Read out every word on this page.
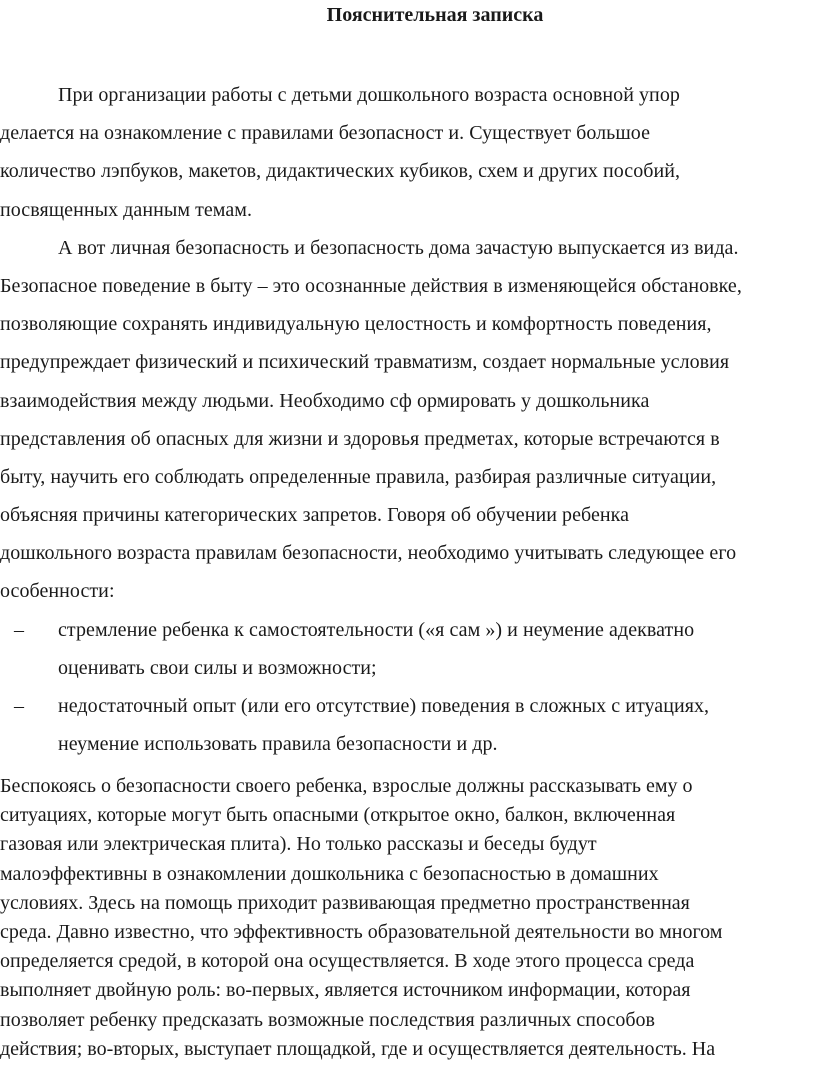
Пояснительная записка
При организации работы с детьми дошкольного возраста основной упор
делается на ознакомление с правилами безопасност и. Существует большое
количество лэпбуков, макетов, дидактических кубиков, схем и других пособий,
посвященных данным темам.
А вот личная безопасность и безопасность дома зачастую выпускается из вида.
Безопасное поведение в быту – это осознанные действия в изменяющейся обстановке,
позволяющие сохранять индивидуальную целостность и комфортность поведения,
предупреждает физический и психический травматизм, создает нормальные условия
взаимодействия между людьми. Необходимо сф ормировать у дошкольника
представления об опасных для жизни и здоровья предметах, которые встречаются в
быту, научить его соблюдать определенные правила, разбирая различные ситуации,
объясняя причины категорических запретов. Говоря об обучении ребенка
дошкольного возраста правилам безопасности, необходимо учитывать следующее его
особенности:
– стремление ребенка к самостоятельности («я сам ») и неумение адекватно
оценивать свои силы и возможности;
– недостаточный опыт (или его отсутствие) поведения в сложных с итуациях,
неумение использовать правила безопасности и др.
Беспокоясь о безопасности своего ребенка, взрослые должны рассказывать ему о
ситуациях, которые могут быть опасными (открытое окно, балкон, включенная
газовая или электрическая плита). Но только рассказы и беседы будут
малоэффективны в ознакомлении дошкольника с безопасностью в домашних
условиях. Здесь на помощь приходит развивающая предметно пространственная
среда. Давно известно, что эффективность образовательной деятельности во многом
определяется средой, в которой она осуществляется. В ходе этого процесса среда
выполняет двойную роль: во-первых, является источником информации, которая
позволяет ребенку предсказать возможные последствия различных способов
действия; во-вторых, выступает площадкой, где и осуществляется деятельность. На
